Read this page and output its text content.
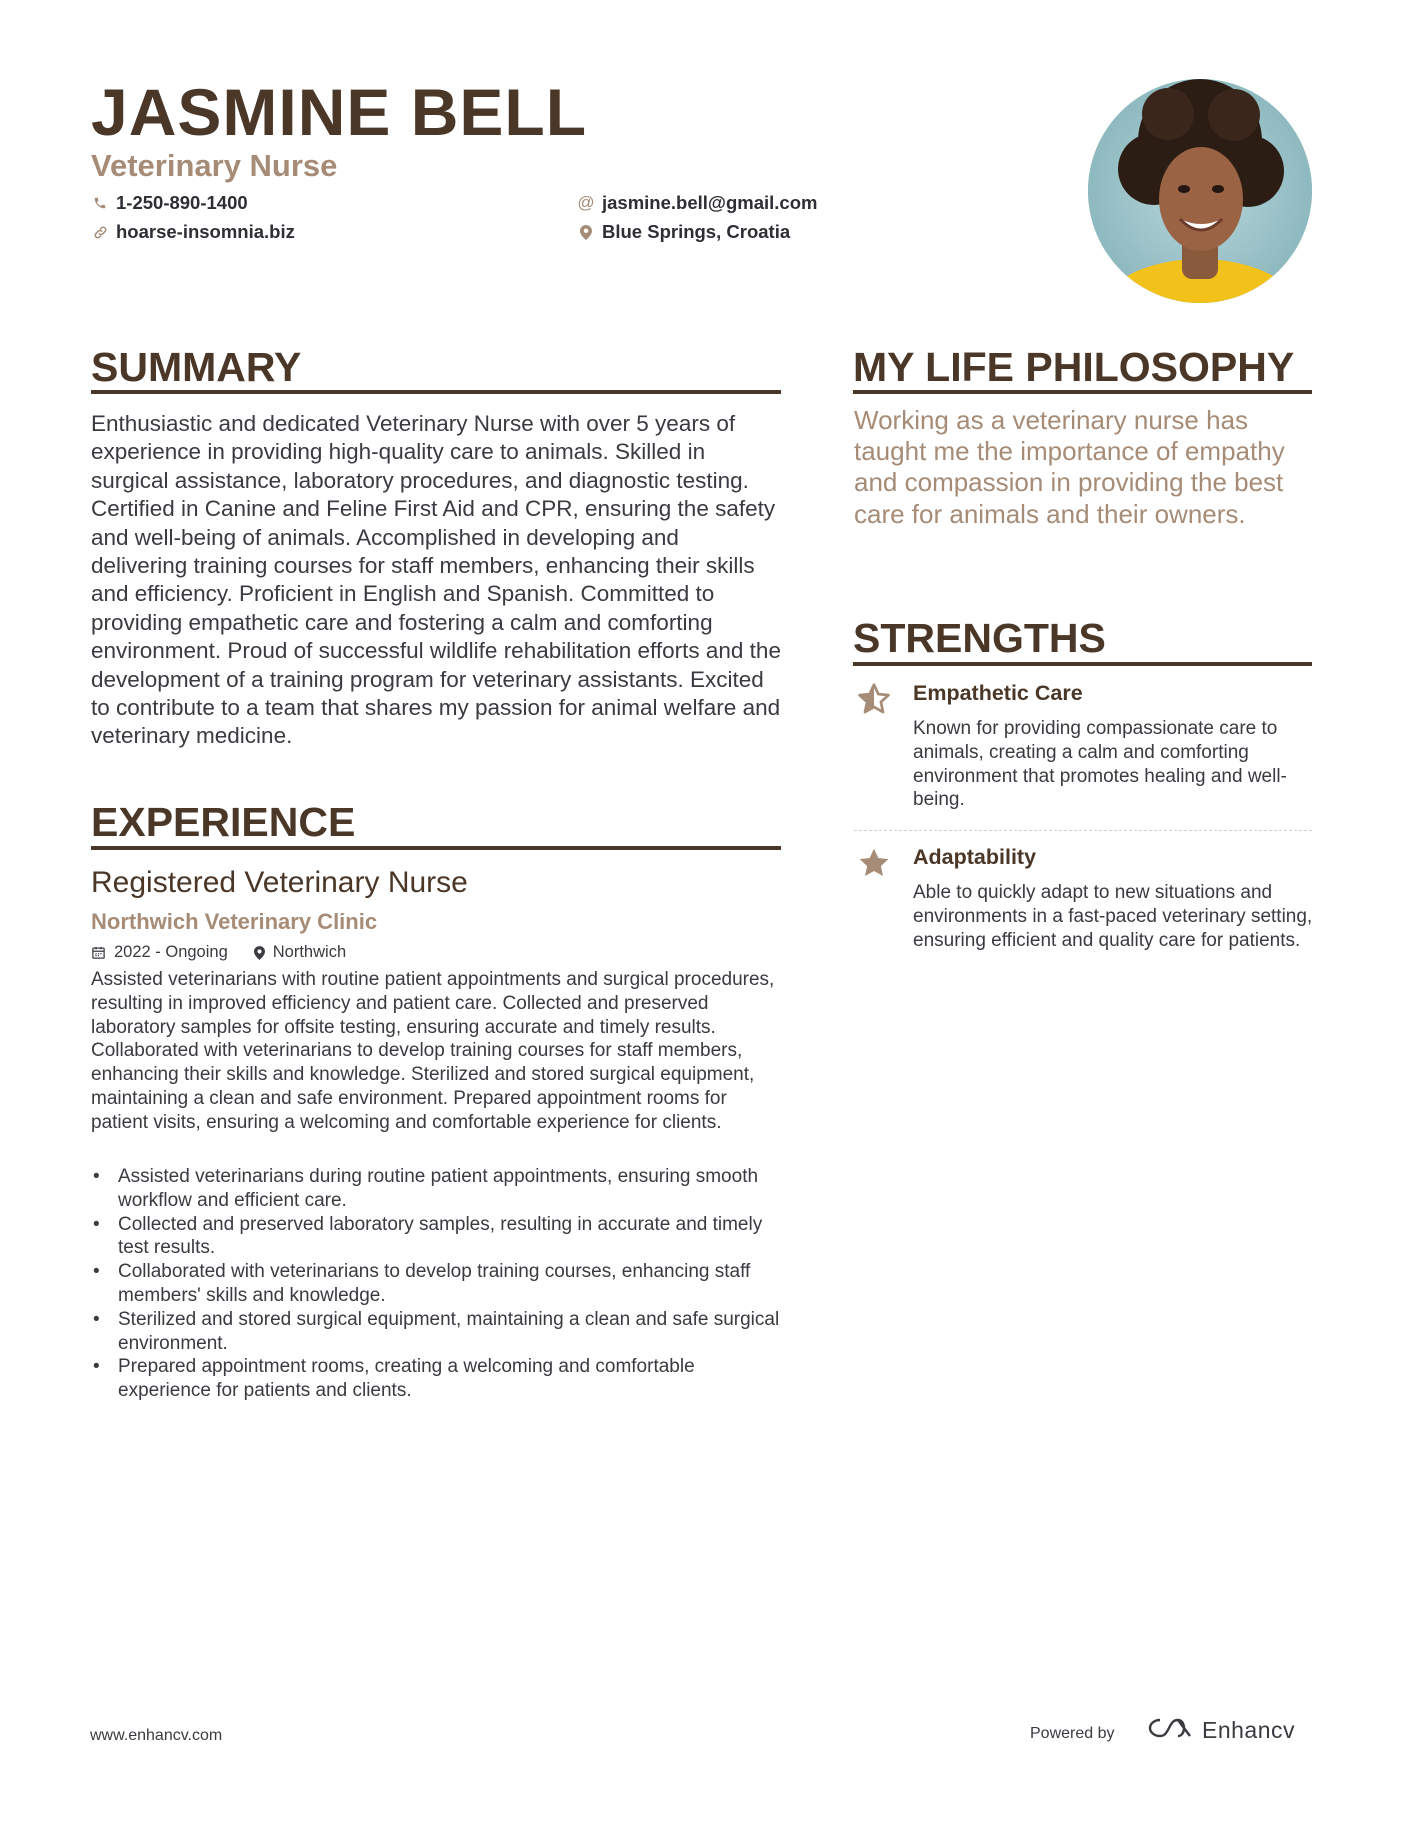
JASMINE BELL
Veterinary Nurse
1-250-890-1400
hoarse-insomnia.biz
@ jasmine.bell@gmail.com
Blue Springs, Croatia
SUMMARY
Enthusiastic and dedicated Veterinary Nurse with over 5 years of experience in providing high-quality care to animals. Skilled in surgical assistance, laboratory procedures, and diagnostic testing. Certified in Canine and Feline First Aid and CPR, ensuring the safety and well-being of animals. Accomplished in developing and delivering training courses for staff members, enhancing their skills and efficiency. Proficient in English and Spanish. Committed to providing empathetic care and fostering a calm and comforting environment. Proud of successful wildlife rehabilitation efforts and the development of a training program for veterinary assistants. Excited to contribute to a team that shares my passion for animal welfare and veterinary medicine.
EXPERIENCE
Registered Veterinary Nurse
Northwich Veterinary Clinic
2022 - Ongoing	Northwich
Assisted veterinarians with routine patient appointments and surgical procedures, resulting in improved efficiency and patient care. Collected and preserved laboratory samples for offsite testing, ensuring accurate and timely results. Collaborated with veterinarians to develop training courses for staff members, enhancing their skills and knowledge. Sterilized and stored surgical equipment, maintaining a clean and safe environment. Prepared appointment rooms for patient visits, ensuring a welcoming and comfortable experience for clients.
• Assisted veterinarians during routine patient appointments, ensuring smooth workflow and efficient care.
• Collected and preserved laboratory samples, resulting in accurate and timely test results.
• Collaborated with veterinarians to develop training courses, enhancing staff members' skills and knowledge.
• Sterilized and stored surgical equipment, maintaining a clean and safe surgical environment.
• Prepared appointment rooms, creating a welcoming and comfortable experience for patients and clients.
MY LIFE PHILOSOPHY
Working as a veterinary nurse has taught me the importance of empathy and compassion in providing the best care for animals and their owners.
STRENGTHS
Empathetic Care
Known for providing compassionate care to animals, creating a calm and comforting environment that promotes healing and well-being.
Adaptability
Able to quickly adapt to new situations and environments in a fast-paced veterinary setting, ensuring efficient and quality care for patients.
www.enhancv.com	Powered by	Enhancv
